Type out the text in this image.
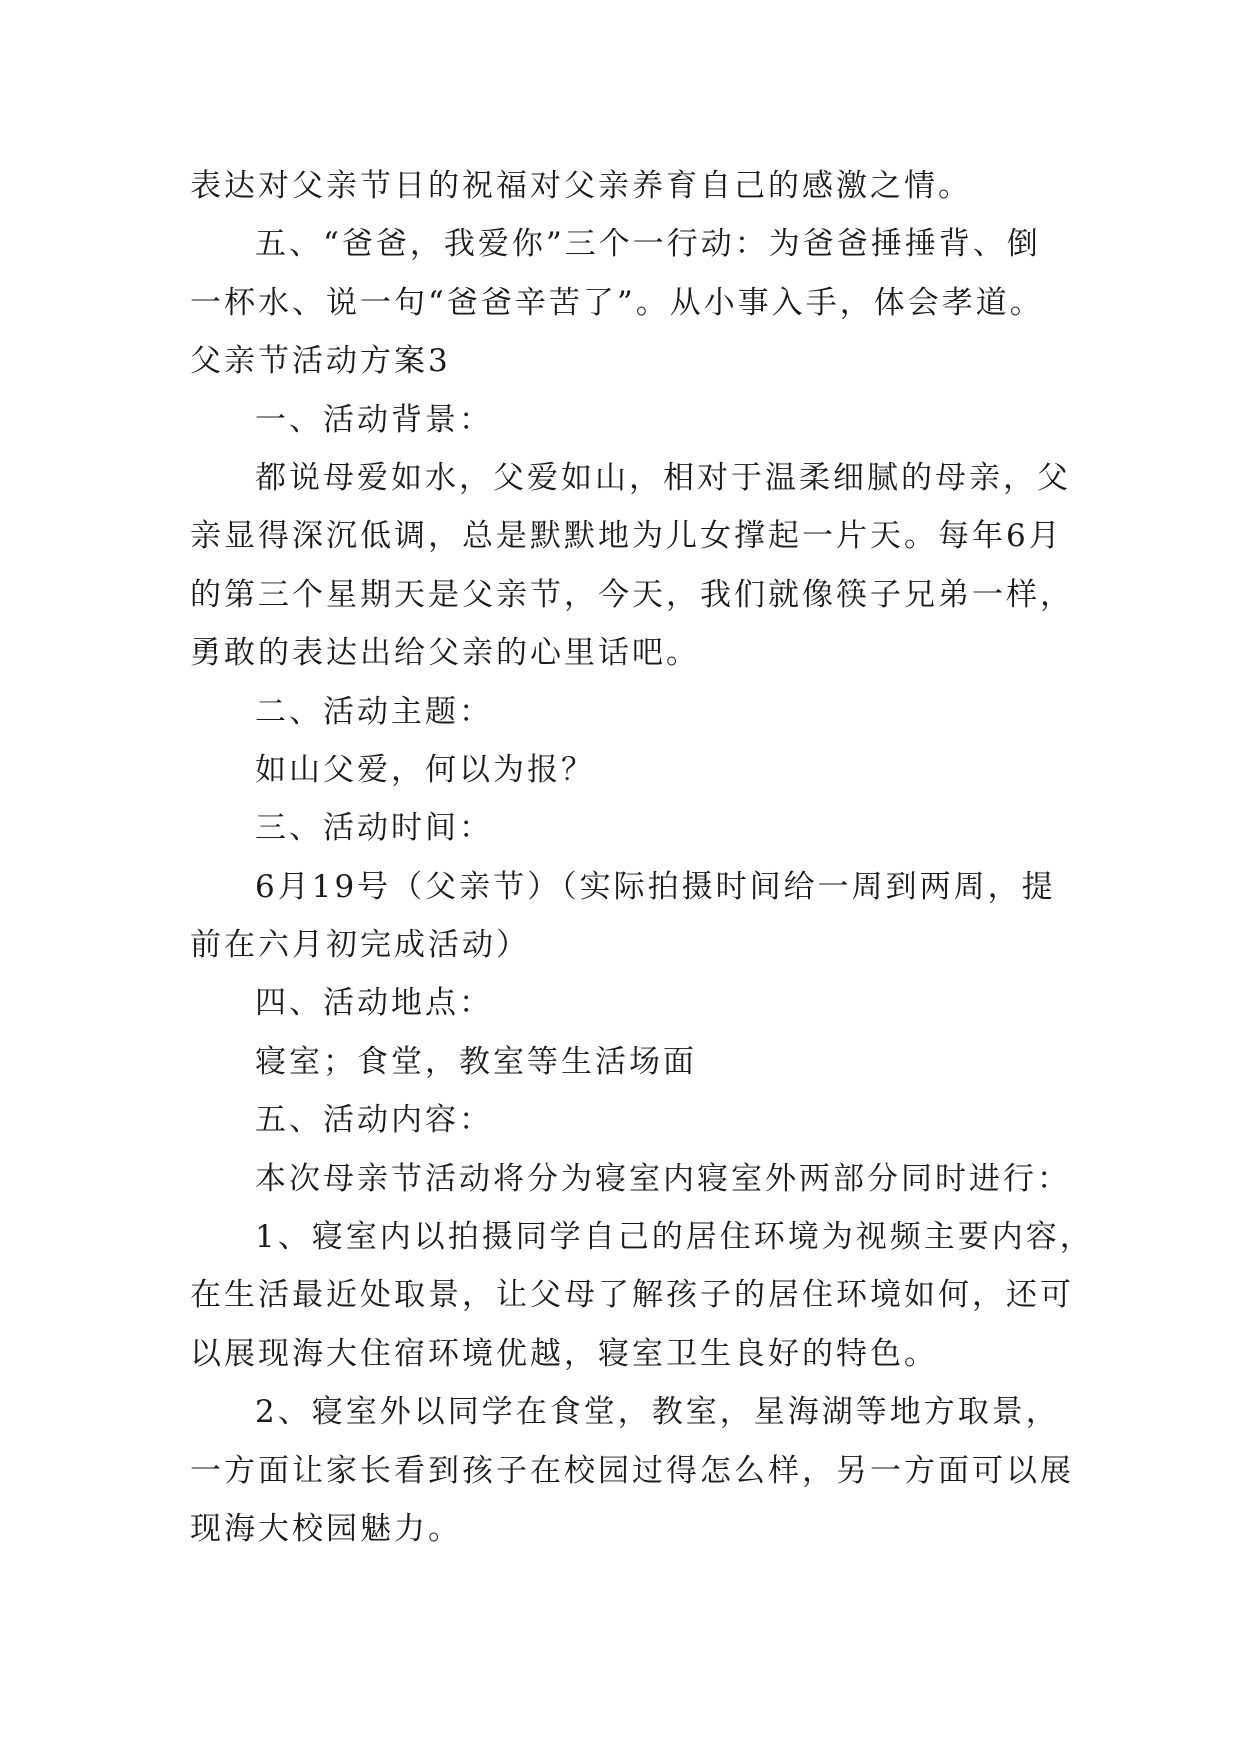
表达对父亲节日的祝福对父亲养育自己的感激之情。
五、“爸爸，我爱你”三个一行动：为爸爸捶捶背、倒
一杯水、说一句“爸爸辛苦了”。从小事入手，体会孝道。
父亲节活动方案3
一、活动背景：
都说母爱如水，父爱如山，相对于温柔细腻的母亲，父
亲显得深沉低调，总是默默地为儿女撑起一片天。每年6月
的第三个星期天是父亲节，今天，我们就像筷子兄弟一样，
勇敢的表达出给父亲的心里话吧。
二、活动主题：
如山父爱，何以为报？
三、活动时间：
6月19号（父亲节）（实际拍摄时间给一周到两周，提
前在六月初完成活动）
四、活动地点：
寝室；食堂，教室等生活场面
五、活动内容：
本次母亲节活动将分为寝室内寝室外两部分同时进行：
1、寝室内以拍摄同学自己的居住环境为视频主要内容，
在生活最近处取景，让父母了解孩子的居住环境如何，还可
以展现海大住宿环境优越，寝室卫生良好的特色。
2、寝室外以同学在食堂，教室，星海湖等地方取景，
一方面让家长看到孩子在校园过得怎么样，另一方面可以展
现海大校园魅力。
